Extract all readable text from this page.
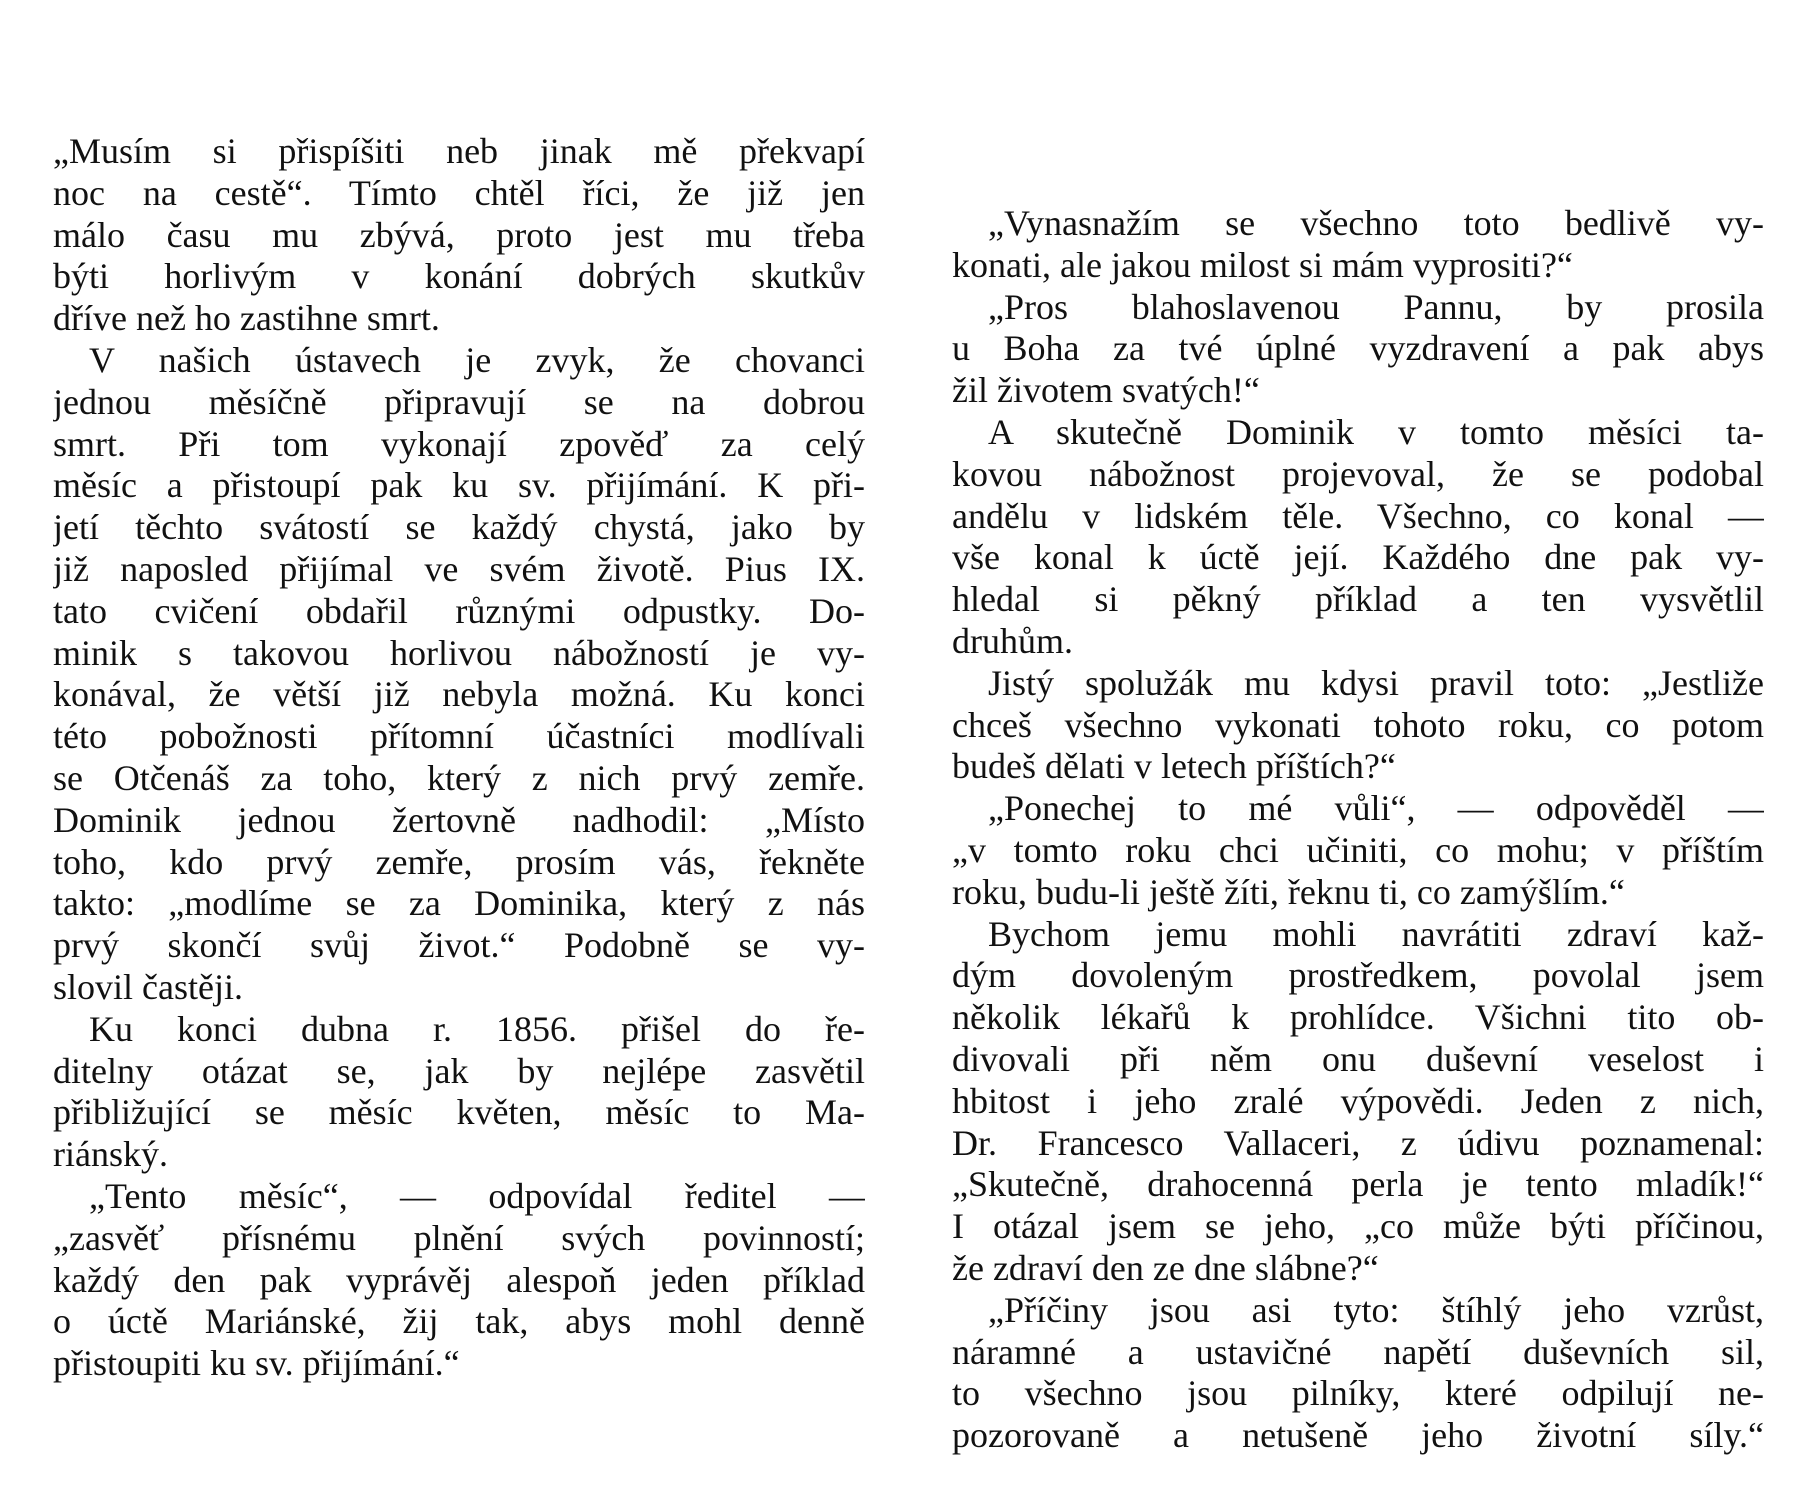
„Musím si přispíšiti neb jinak mě překvapí
noc na cestě“. Tímto chtěl říci, že již jen
málo času mu zbývá, proto jest mu třeba
býti horlivým v konání dobrých skutkův
dříve než ho zastihne smrt.
V našich ústavech je zvyk, že chovanci
jednou měsíčně připravují se na dobrou
smrt. Při tom vykonají zpověď za celý
měsíc a přistoupí pak ku sv. přijímání. K při-
jetí těchto svátostí se každý chystá, jako by
již naposled přijímal ve svém životě. Pius IX.
tato cvičení obdařil různými odpustky. Do-
minik s takovou horlivou nábožností je vy-
konával, že větší již nebyla možná. Ku konci
této pobožnosti přítomní účastníci modlívali
se Otčenáš za toho, který z nich prvý zemře.
Dominik jednou žertovně nadhodil: „Místo
toho, kdo prvý zemře, prosím vás, řekněte
takto: „modlíme se za Dominika, který z nás
prvý skončí svůj život.“ Podobně se vy-
slovil častěji.
Ku konci dubna r. 1856. přišel do ře-
ditelny otázat se, jak by nejlépe zasvětil
přibližující se měsíc květen, měsíc to Ma-
riánský.
„Tento měsíc“, — odpovídal ředitel —
„zasvěť přísnému plnění svých povinností;
každý den pak vyprávěj alespoň jeden příklad
o úctě Mariánské, žij tak, abys mohl denně
přistoupiti ku sv. přijímání.“
„Vynasnažím se všechno toto bedlivě vy-
konati, ale jakou milost si mám vyprositi?“
„Pros blahoslavenou Pannu, by prosila
u Boha za tvé úplné vyzdravení a pak abys
žil životem svatých!“
A skutečně Dominik v tomto měsíci ta-
kovou nábožnost projevoval, že se podobal
andělu v lidském těle. Všechno, co konal —
vše konal k úctě její. Každého dne pak vy-
hledal si pěkný příklad a ten vysvětlil
druhům.
Jistý spolužák mu kdysi pravil toto: „Jestliže
chceš všechno vykonati tohoto roku, co potom
budeš dělati v letech příštích?“
„Ponechej to mé vůli“, — odpověděl —
„v tomto roku chci učiniti, co mohu; v příštím
roku, budu-li ještě žíti, řeknu ti, co zamýšlím.“
Bychom jemu mohli navrátiti zdraví kaž-
dým dovoleným prostředkem, povolal jsem
několik lékařů k prohlídce. Všichni tito ob-
divovali při něm onu duševní veselost i
hbitost i jeho zralé výpovědi. Jeden z nich,
Dr. Francesco Vallaceri, z údivu poznamenal:
„Skutečně, drahocenná perla je tento mladík!“
I otázal jsem se jeho, „co může býti příčinou,
že zdraví den ze dne slábne?“
„Příčiny jsou asi tyto: štíhlý jeho vzrůst,
náramné a ustavičné napětí duševních sil,
to všechno jsou pilníky, které odpilují ne-
pozorovaně a netušeně jeho životní síly.“
